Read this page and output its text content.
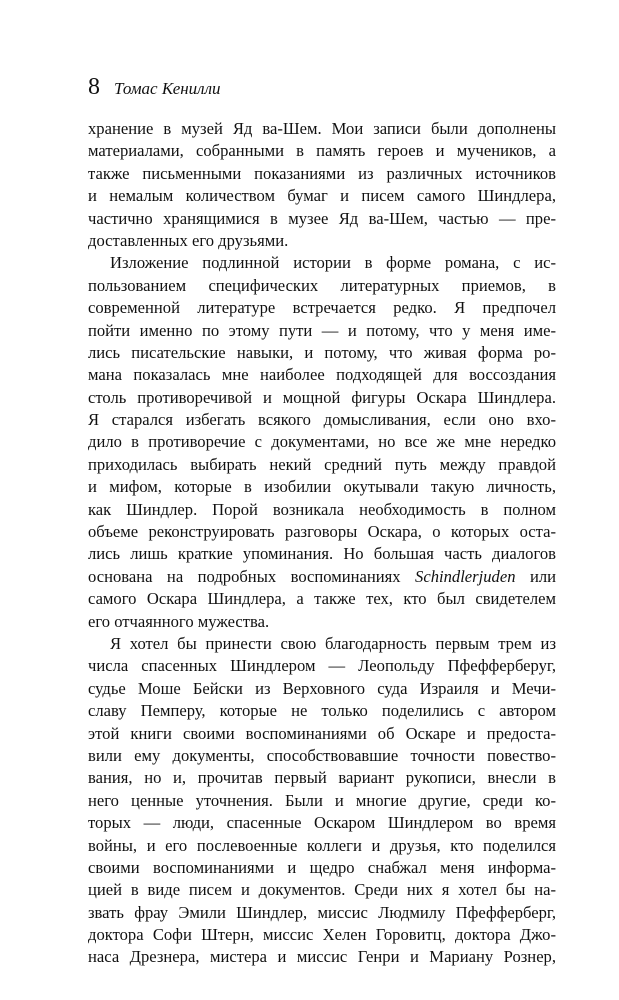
8 Томас Кенилли
хранение в музей Яд ва-Шем. Мои записи были дополнены
материалами, собранными в память героев и мучеников, а
также письменными показаниями из различных источников
и немалым количеством бумаг и писем самого Шиндлера,
частично хранящимися в музее Яд ва-Шем, частью — пре-
доставленных его друзьями.
Изложение подлинной истории в форме романа, с ис-
пользованием специфических литературных приемов, в
современной литературе встречается редко. Я предпочел
пойти именно по этому пути — и потому, что у меня име-
лись писательские навыки, и потому, что живая форма ро-
мана показалась мне наиболее подходящей для воссоздания
столь противоречивой и мощной фигуры Оскара Шиндлера.
Я старался избегать всякого домысливания, если оно вхо-
дило в противоречие с документами, но все же мне нередко
приходилась выбирать некий средний путь между правдой
и мифом, которые в изобилии окутывали такую личность,
как Шиндлер. Порой возникала необходимость в полном
объеме реконструировать разговоры Оскара, о которых оста-
лись лишь краткие упоминания. Но большая часть диалогов
основана на подробных воспоминаниях Schindlerjuden или
самого Оскара Шиндлера, а также тех, кто был свидетелем
его отчаянного мужества.
Я хотел бы принести свою благодарность первым трем из
числа спасенных Шиндлером — Леопольду Пфефферберуг,
судье Моше Бейски из Верховного суда Израиля и Мечи-
славу Пемперу, которые не только поделились с автором
этой книги своими воспоминаниями об Оскаре и предоста-
вили ему документы, способствовавшие точности повество-
вания, но и, прочитав первый вариант рукописи, внесли в
него ценные уточнения. Были и многие другие, среди ко-
торых — люди, спасенные Оскаром Шиндлером во время
войны, и его послевоенные коллеги и друзья, кто поделился
своими воспоминаниями и щедро снабжал меня информа-
цией в виде писем и документов. Среди них я хотел бы на-
звать фрау Эмили Шиндлер, миссис Людмилу Пфефферберг,
доктора Софи Штерн, миссис Хелен Горовитц, доктора Джо-
наса Дрезнера, мистера и миссис Генри и Мариану Рознер,
